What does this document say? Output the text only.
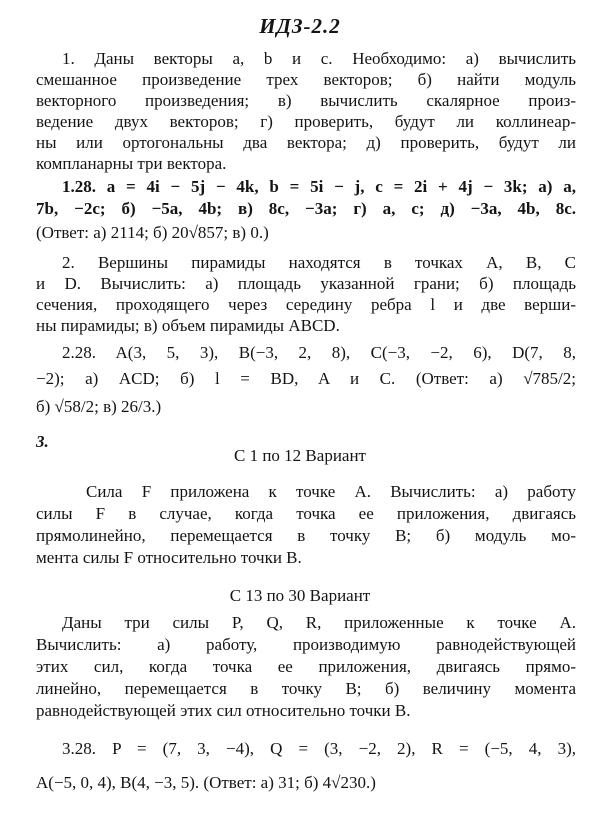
ИДЗ-2.2
1. Даны векторы a, b и c. Необходимо: а) вычислить
смешанное произведение трех векторов; б) найти модуль
векторного произведения; в) вычислить скалярное произ-
ведение двух векторов; г) проверить, будут ли коллинеар-
ны или ортогональны два вектора; д) проверить, будут ли
компланарны три вектора.
1.28. a = 4i − 5j − 4k, b = 5i − j, c = 2i + 4j − 3k; а) a,
7b, −2c; б) −5a, 4b; в) 8c, −3a; г) a, c; д) −3a, 4b, 8c.
(Ответ: а) 2114; б) 20√857; в) 0.)
2. Вершины пирамиды находятся в точках A, B, C
и D. Вычислить: а) площадь указанной грани; б) площадь
сечения, проходящего через середину ребра l и две верши-
ны пирамиды; в) объем пирамиды ABCD.
2.28. A(3, 5, 3), B(−3, 2, 8), C(−3, −2, 6), D(7, 8,
−2); а) ACD; б) l = BD, A и C. (Ответ: а) √785/2;
б) √58/2; в) 26/3.)
3.
С 1 по 12 Вариант
Сила F приложена к точке A. Вычислить: а) работу
силы F в случае, когда точка ее приложения, двигаясь
прямолинейно, перемещается в точку B; б) модуль мо-
мента силы F относительно точки B.
С 13 по 30 Вариант
Даны три силы P, Q, R, приложенные к точке A.
Вычислить: а) работу, производимую равнодействующей
этих сил, когда точка ее приложения, двигаясь прямо-
линейно, перемещается в точку B; б) величину момента
равнодействующей этих сил относительно точки B.
3.28. P = (7, 3, −4), Q = (3, −2, 2), R = (−5, 4, 3),
A(−5, 0, 4), B(4, −3, 5). (Ответ: а) 31; б) 4√230.)
